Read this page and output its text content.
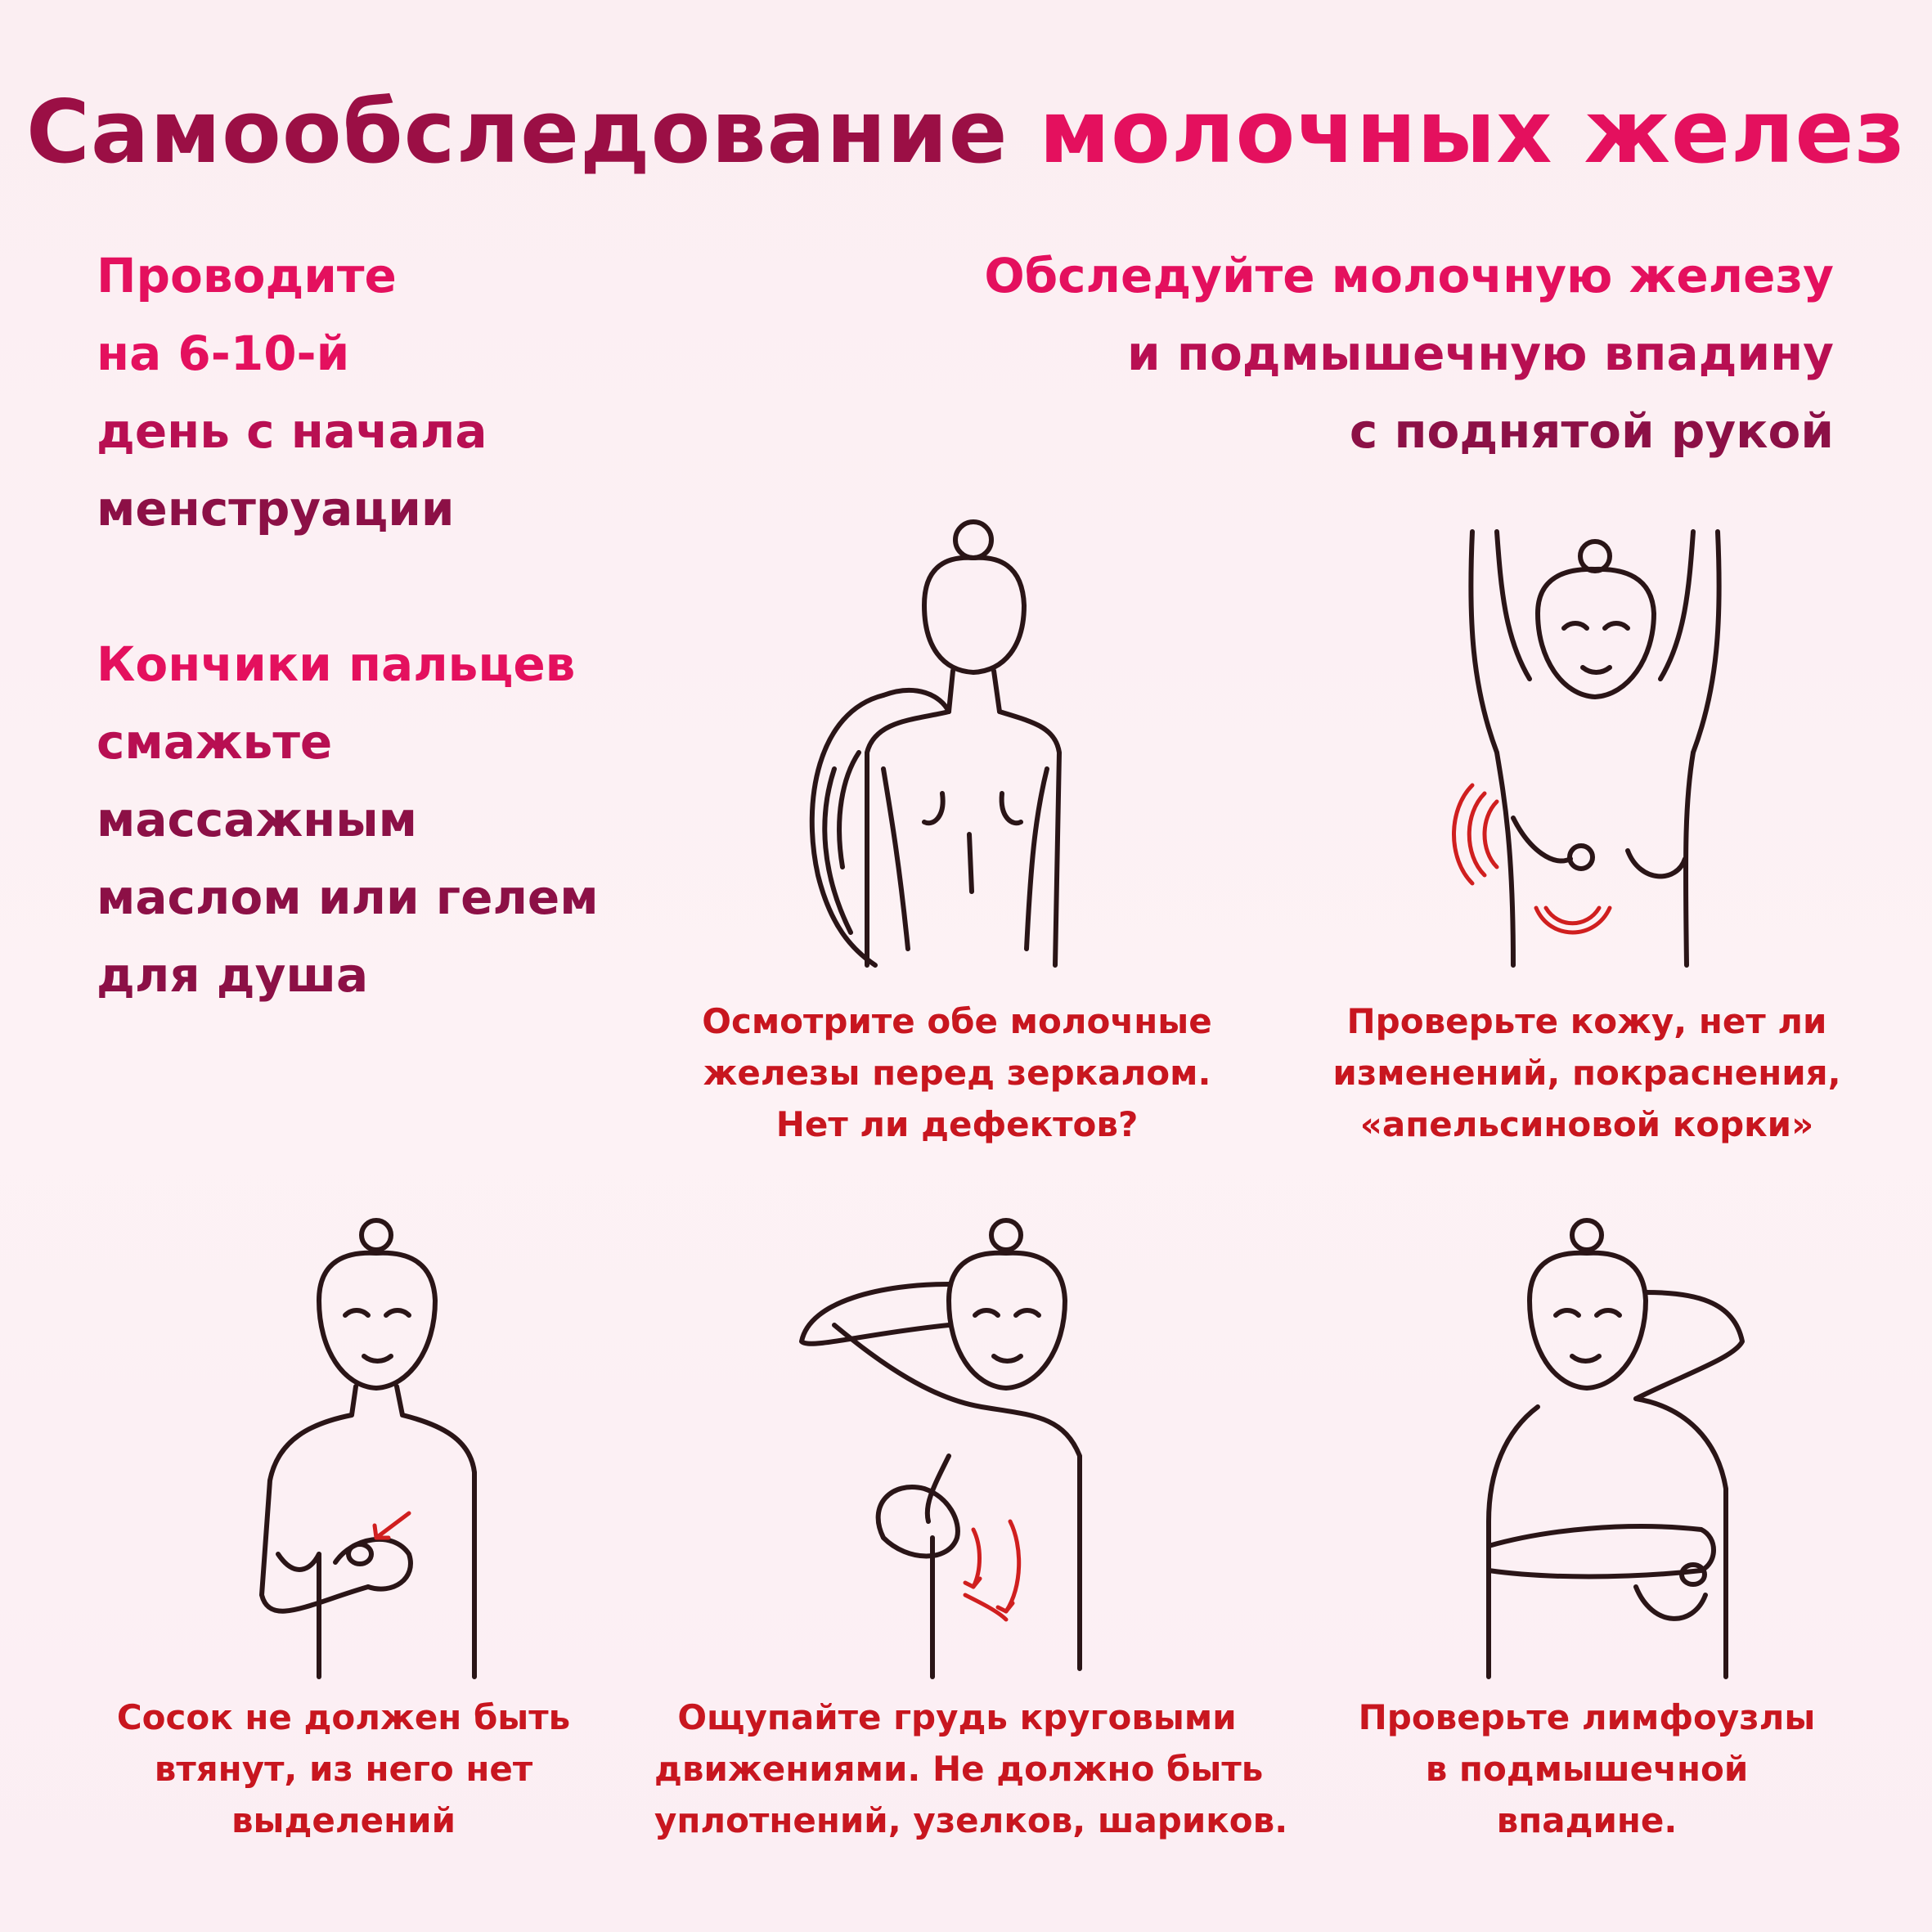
Самообследование молочных желез
Проводите
на 6-10-й
день с начала
менструации
Кончики пальцев
смажьте
массажным
маслом или гелем
для душа
Обследуйте молочную железу
и подмышечную впадину
с поднятой рукой
Осмотрите обе молочные
железы перед зеркалом.
Нет ли дефектов?
Проверьте кожу, нет ли
изменений, покраснения,
«апельсиновой корки»
Сосок не должен быть
втянут, из него нет
выделений
Ощупайте грудь круговыми
движениями. Не должно быть
уплотнений, узелков, шариков.
Проверьте лимфоузлы
в подмышечной
впадине.
